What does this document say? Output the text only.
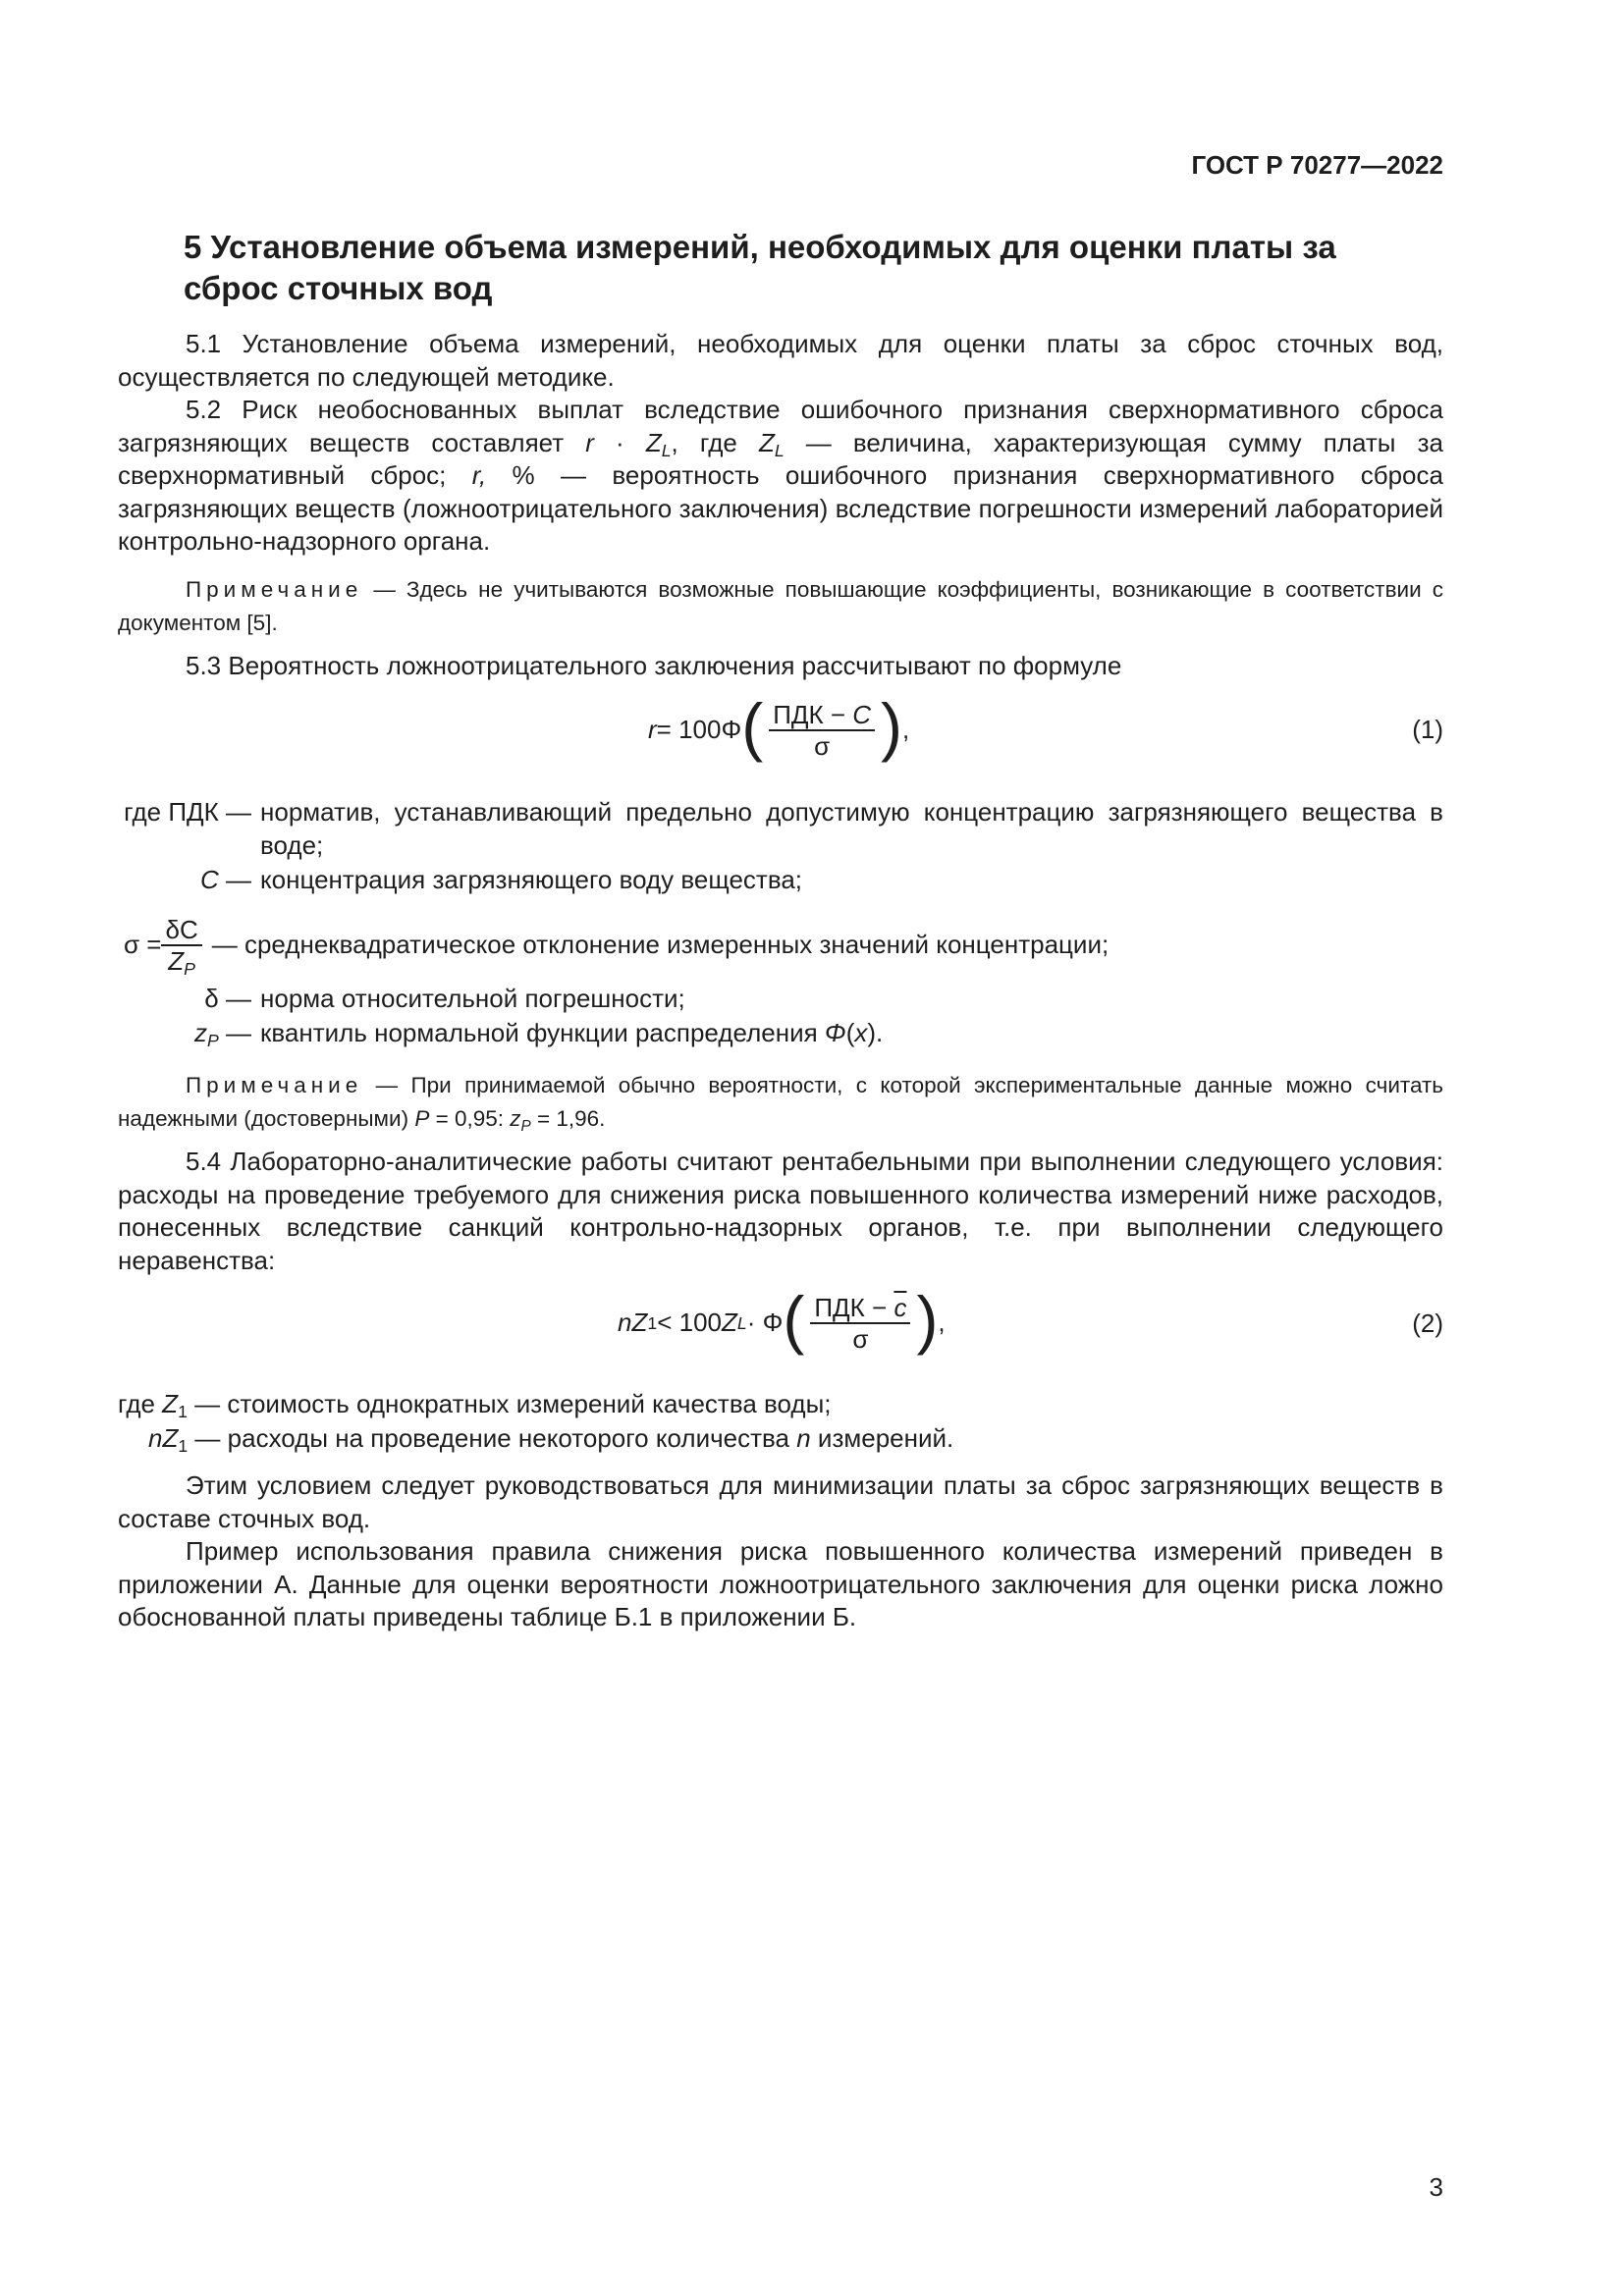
ГОСТ Р 70277—2022
5 Установление объема измерений, необходимых для оценки платы за сброс сточных вод
5.1 Установление объема измерений, необходимых для оценки платы за сброс сточных вод, осуществляется по следующей методике.
5.2 Риск необоснованных выплат вследствие ошибочного признания сверхнормативного сброса загрязняющих веществ составляет $r \cdot Z_L$, где $Z_L$ — величина, характеризующая сумму платы за сверхнормативный сброс; r, % — вероятность ошибочного признания сверхнормативного сброса загрязняющих веществ (ложноотрицательного заключения) вследствие погрешности измерений лабораторией контрольно-надзорного органа.
Примечание — Здесь не учитываются возможные повышающие коэффициенты, возникающие в соответствии с документом [5].
5.3 Вероятность ложноотрицательного заключения рассчитывают по формуле
r = 100Φ ( $\frac{\text{ПДК − C}}{\sigma}$ ) ,	(1)
где ПДК — норматив, устанавливающий предельно допустимую концентрацию загрязняющего вещества в воде;
C — концентрация загрязняющего воду вещества;
$\sigma = \frac{\delta C}{Z_P}$ — среднеквадратическое отклонение измеренных значений концентрации;
δ — норма относительной погрешности;
$z_P$ — квантиль нормальной функции распределения Φ(x).
Примечание — При принимаемой обычно вероятности, с которой экспериментальные данные можно считать надежными (достоверными) P = 0,95: $z_P = 1,96$.
5.4 Лабораторно-аналитические работы считают рентабельными при выполнении следующего условия: расходы на проведение требуемого для снижения риска повышенного количества измерений ниже расходов, понесенных вследствие санкций контрольно-надзорных органов, т.е. при выполнении следующего неравенства:
n Z 1 < 100 Z L · Φ ( $\frac{ПДК - \overline{c}}{\sigma}$ ) ,	(2)
где $Z_1$ — стоимость однократных измерений качества воды;
$nZ_1$ — расходы на проведение некоторого количества n измерений.
Этим условием следует руководствоваться для минимизации платы за сброс загрязняющих веществ в составе сточных вод.
Пример использования правила снижения риска повышенного количества измерений приведен в приложении А. Данные для оценки вероятности ложноотрицательного заключения для оценки риска ложно обоснованной платы приведены таблице Б.1 в приложении Б.
3
